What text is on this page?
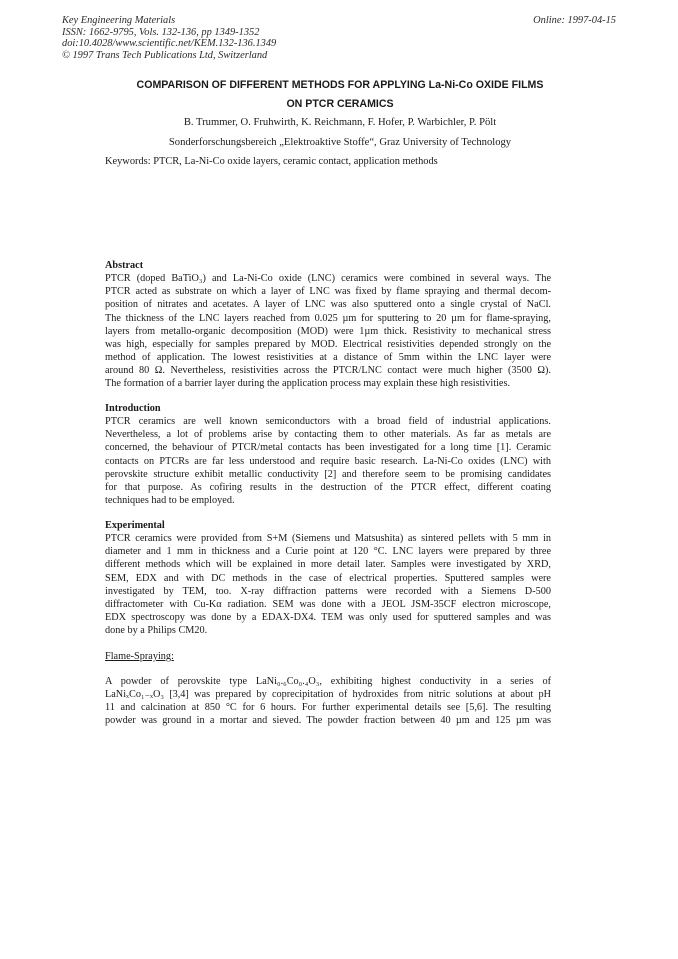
Key Engineering Materials
ISSN: 1662-9795, Vols. 132-136, pp 1349-1352
doi:10.4028/www.scientific.net/KEM.132-136.1349
© 1997 Trans Tech Publications Ltd, Switzerland
Online: 1997-04-15
COMPARISON OF DIFFERENT METHODS FOR APPLYING La-Ni-Co OXIDE FILMS
ON PTCR CERAMICS
B. Trummer, O. Fruhwirth, K. Reichmann, F. Hofer, P. Warbichler, P. Pölt
Sonderforschungsbereich „Elektroaktive Stoffe“, Graz University of Technology
Keywords: PTCR, La-Ni-Co oxide layers, ceramic contact, application methods
Abstract
PTCR (doped BaTiO₃) and La-Ni-Co oxide (LNC) ceramics were combined in several ways. The
PTCR acted as substrate on which a layer of LNC was fixed by flame spraying and thermal decom-
position of nitrates and acetates. A layer of LNC was also sputtered onto a single crystal of NaCl.
The thickness of the LNC layers reached from 0.025 µm for sputtering to 20 µm for flame-spraying,
layers from metallo-organic decomposition (MOD) were 1µm thick. Resistivity to mechanical stress
was high, especially for samples prepared by MOD. Electrical resistivities depended strongly on the
method of application. The lowest resistivities at a distance of 5mm within the LNC layer were
around 80 Ω. Nevertheless, resistivities across the PTCR/LNC contact were much higher (3500 Ω).
The formation of a barrier layer during the application process may explain these high resistivities.
Introduction
PTCR ceramics are well known semiconductors with a broad field of industrial applications.
Nevertheless, a lot of problems arise by contacting them to other materials. As far as metals are
concerned, the behaviour of PTCR/metal contacts has been investigated for a long time [1]. Ceramic
contacts on PTCRs are far less understood and require basic research. La-Ni-Co oxides (LNC) with
perovskite structure exhibit metallic conductivity [2] and therefore seem to be promising candidates
for that purpose. As cofiring results in the destruction of the PTCR effect, different coating
techniques had to be employed.
Experimental
PTCR ceramics were provided from S+M (Siemens und Matsushita) as sintered pellets with 5 mm in
diameter and 1 mm in thickness and a Curie point at 120 °C. LNC layers were prepared by three
different methods which will be explained in more detail later. Samples were investigated by XRD,
SEM, EDX and with DC methods in the case of electrical properties. Sputtered samples were
investigated by TEM, too. X-ray diffraction patterns were recorded with a Siemens D-500
diffractometer with Cu-Kα radiation. SEM was done with a JEOL JSM-35CF electron microscope,
EDX spectroscopy was done by a EDAX-DX4. TEM was only used for sputtered samples and was
done by a Philips CM20.
Flame-Spraying:
A powder of perovskite type LaNi₀.₆Co₀.₄O₃, exhibiting highest conductivity in a series of
LaNiₓCo₁₋ₓO₃ [3,4] was prepared by coprecipitation of hydroxides from nitric solutions at about pH
11 and calcination at 850 °C for 6 hours. For further experimental details see [5,6]. The resulting
powder was ground in a mortar and sieved. The powder fraction between 40 µm and 125 µm was
